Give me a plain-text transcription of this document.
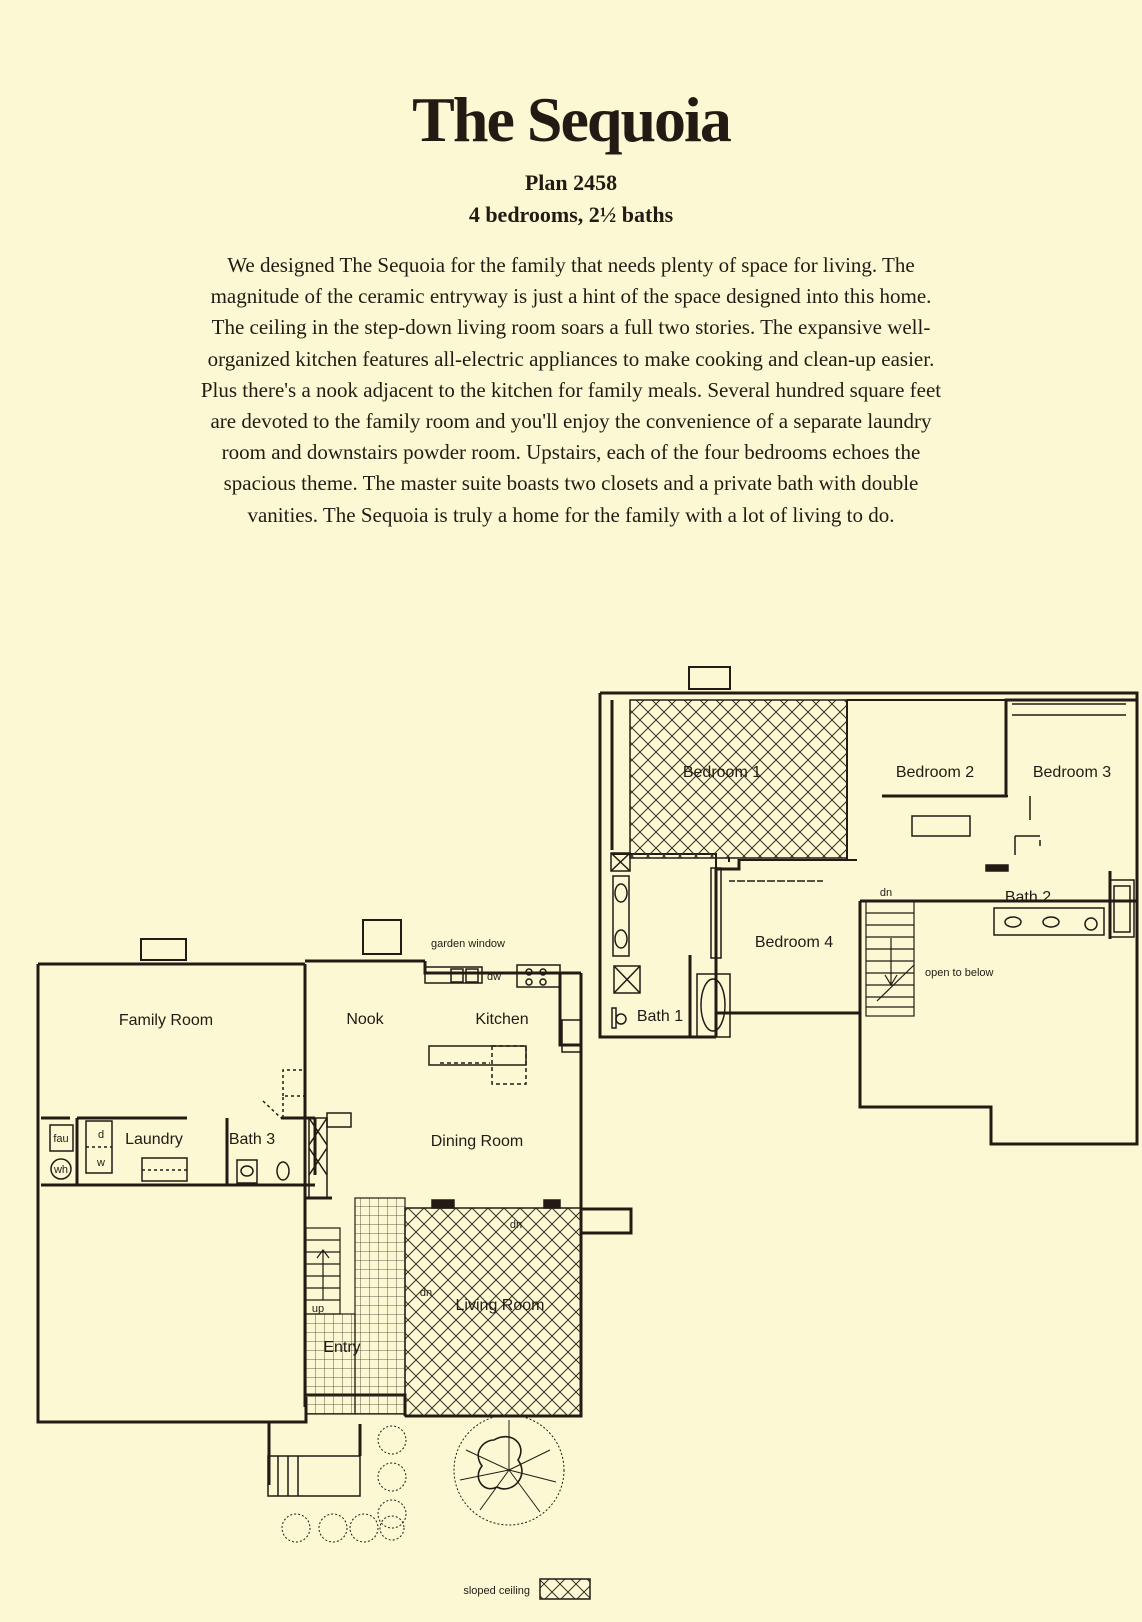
The Sequoia
Plan 2458
4 bedrooms, 2½ baths

We designed The Sequoia for the family that needs plenty of space for living. The magnitude of the ceramic entryway is just a hint of the space designed into this home. The ceiling in the step-down living room soars a full two stories. The expansive well-organized kitchen features all-electric appliances to make cooking and clean-up easier. Plus there's a nook adjacent to the kitchen for family meals. Several hundred square feet are devoted to the family room and you'll enjoy the convenience of a separate laundry room and downstairs powder room. Upstairs, each of the four bedrooms echoes the spacious theme. The master suite boasts two closets and a private bath with double vanities. The Sequoia is truly a home for the family with a lot of living to do.

sloped ceiling
Bedroom 1	Bedroom 2	Bedroom 3
Bedroom 4
Bath 1
Bath 2
dn
open to below
Family Room	Nook	Kitchen
Laundry	Bath 3	Dining Room
Living Room
Entry
garden window
dw
fau
wh
d
w
up
dn
dn
